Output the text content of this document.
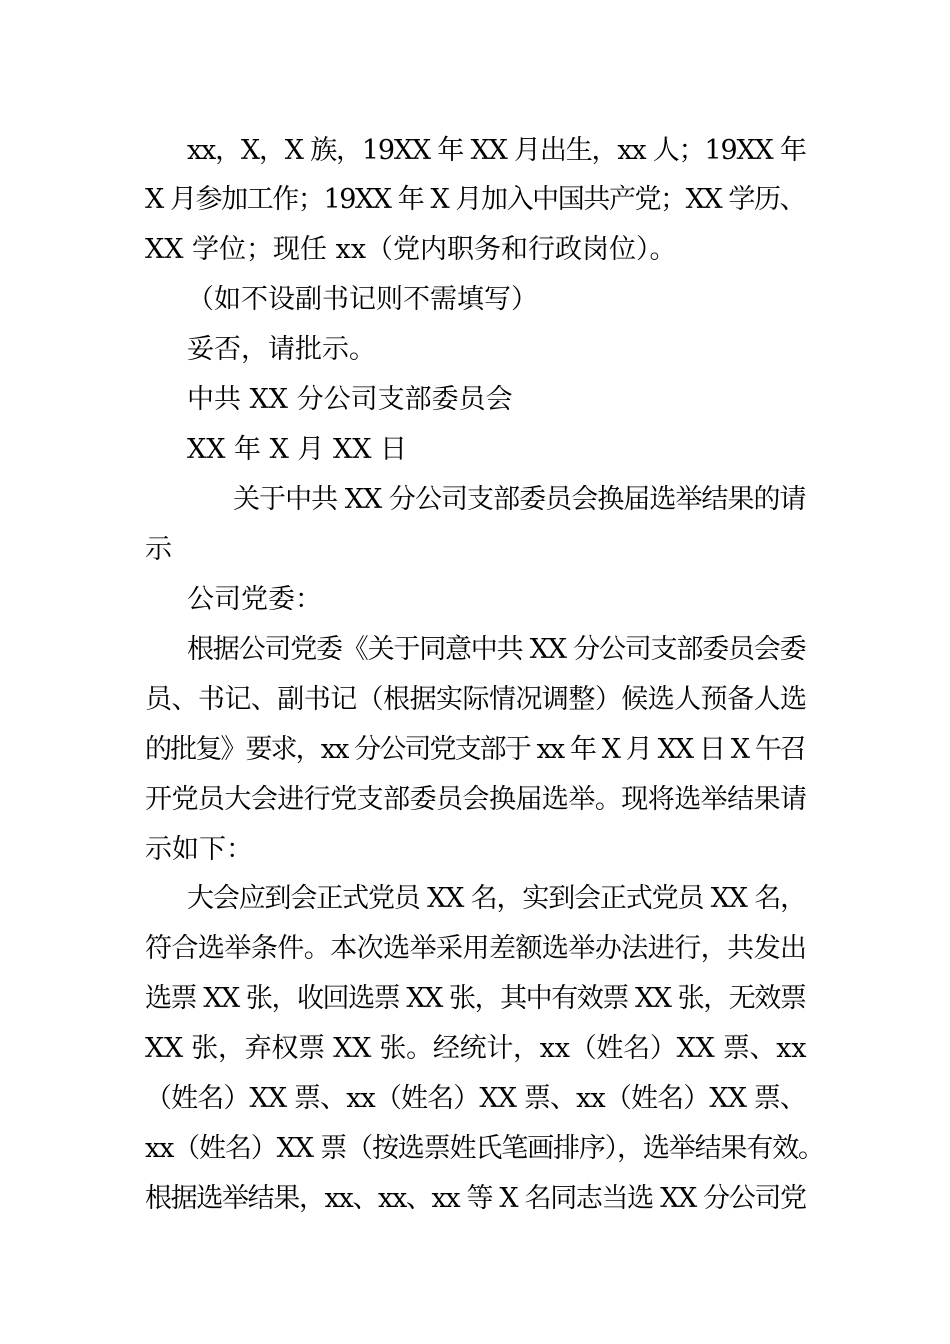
xx，X，X 族，19XX 年 XX 月出生，xx 人；19XX 年
X 月参加工作；19XX 年 X 月加入中国共产党；XX 学历、
XX 学位；现任 xx（党内职务和行政岗位）。
（如不设副书记则不需填写）
妥否，请批示。
中共 XX 分公司支部委员会
XX 年 X 月 XX 日
关于中共 XX 分公司支部委员会换届选举结果的请
示
公司党委：
根据公司党委《关于同意中共 XX 分公司支部委员会委
员、书记、副书记（根据实际情况调整）候选人预备人选
的批复》要求，xx 分公司党支部于 xx 年 X 月 XX 日 X 午召
开党员大会进行党支部委员会换届选举。现将选举结果请
示如下：
大会应到会正式党员 XX 名，实到会正式党员 XX 名，
符合选举条件。本次选举采用差额选举办法进行，共发出
选票 XX 张，收回选票 XX 张，其中有效票 XX 张，无效票
XX 张，弃权票 XX 张。经统计，xx（姓名）XX 票、xx
（姓名）XX 票、xx（姓名）XX 票、xx（姓名）XX 票、
xx（姓名）XX 票（按选票姓氏笔画排序），选举结果有效。
根据选举结果，xx、xx、xx 等 X 名同志当选 XX 分公司党
